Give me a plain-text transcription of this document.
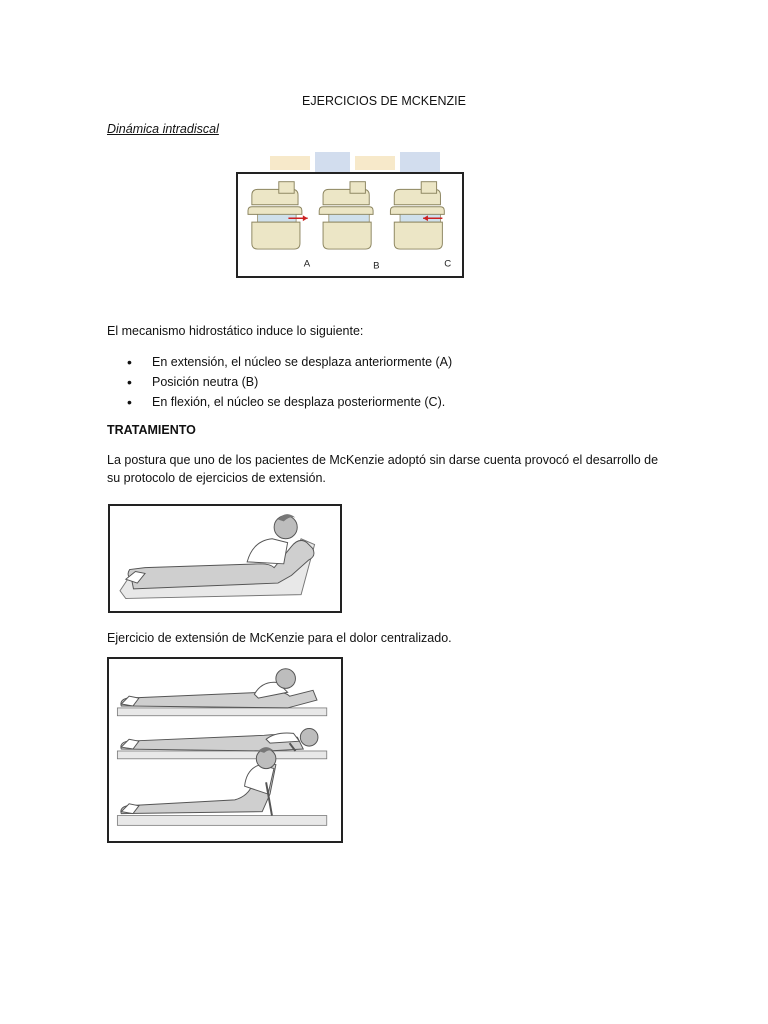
EJERCICIOS DE MCKENZIE
Dinámica intradiscal
A	B	C
El mecanismo hidrostático induce lo siguiente:
• En extensión, el núcleo se desplaza anteriormente (A)
• Posición neutra (B)
• En flexión, el núcleo se desplaza posteriormente (C).
TRATAMIENTO
La postura que uno de los pacientes de McKenzie adoptó sin darse cuenta provocó el desarrollo de su protocolo de ejercicios de extensión.
Ejercicio de extensión de McKenzie para el dolor centralizado.
